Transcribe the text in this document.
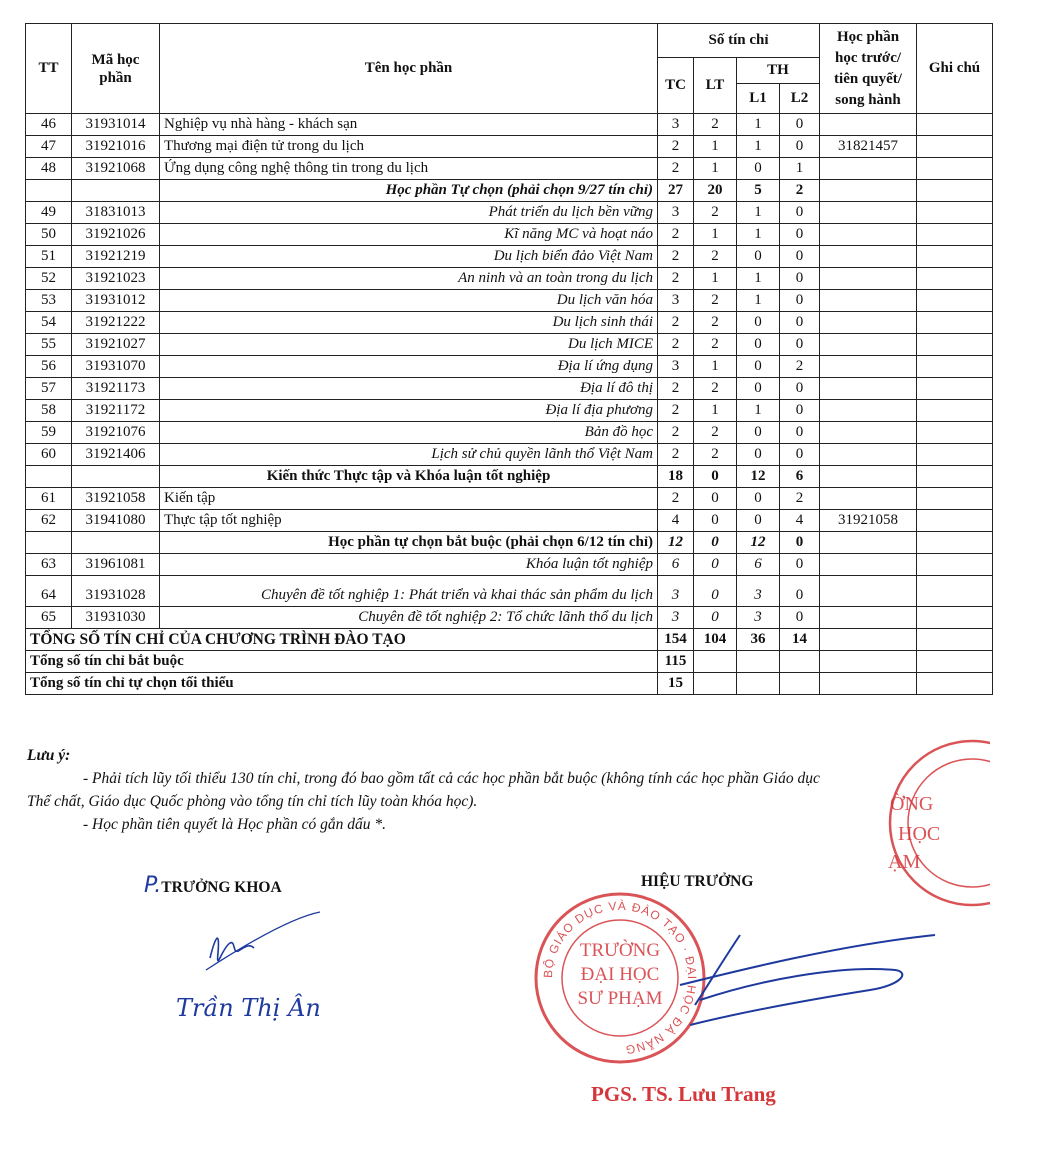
TT	Mã học phần	Tên học phần	Số tín chỉ				Học phần học trước/ tiên quyết/ song hành	Ghi chú
			TC	LT	TH			
					L1	L2		
46	31931014	Nghiệp vụ nhà hàng - khách sạn	3	2	1	0		
47	31921016	Thương mại điện tử trong du lịch	2	1	1	0	31821457	
48	31921068	Ứng dụng công nghệ thông tin trong du lịch	2	1	0	1		
		Học phần Tự chọn (phải chọn 9/27 tín chỉ)	27	20	5	2		
49	31831013	Phát triển du lịch bền vững	3	2	1	0		
50	31921026	Kĩ năng MC và hoạt náo	2	1	1	0		
51	31921219	Du lịch biển đảo Việt Nam	2	2	0	0		
52	31921023	An ninh và an toàn trong du lịch	2	1	1	0		
53	31931012	Du lịch văn hóa	3	2	1	0		
54	31921222	Du lịch sinh thái	2	2	0	0		
55	31921027	Du lịch MICE	2	2	0	0		
56	31931070	Địa lí ứng dụng	3	1	0	2		
57	31921173	Địa lí đô thị	2	2	0	0		
58	31921172	Địa lí địa phương	2	1	1	0		
59	31921076	Bản đồ học	2	2	0	0		
60	31921406	Lịch sử chủ quyền lãnh thổ Việt Nam	2	2	0	0		
		Kiến thức Thực tập và Khóa luận tốt nghiệp	18	0	12	6		
61	31921058	Kiến tập	2	0	0	2		
62	31941080	Thực tập tốt nghiệp	4	0	0	4	31921058	
		Học phần tự chọn bắt buộc (phải chọn 6/12 tín chỉ)	12	0	12	0		
63	31961081	Khóa luận tốt nghiệp	6	0	6	0		
64	31931028	Chuyên đề tốt nghiệp 1: Phát triển và khai thác sản phẩm du lịch	3	0	3	0		
65	31931030	Chuyên đề tốt nghiệp 2: Tổ chức lãnh thổ du lịch	3	0	3	0		
TỔNG SỐ TÍN CHỈ CỦA CHƯƠNG TRÌNH ĐÀO TẠO			154	104	36	14		
Tổng số tín chỉ bắt buộc			115					
Tổng số tín chỉ tự chọn tối thiểu			15					
Lưu ý:
- Phải tích lũy tối thiểu 130 tín chỉ, trong đó bao gồm tất cả các học phần bắt buộc (không tính các học phần Giáo dục
Thể chất, Giáo dục Quốc phòng vào tổng tín chỉ tích lũy toàn khóa học).
- Học phần tiên quyết là Học phần có gắn dấu *.
P.TRƯỞNG KHOA
Trần Thị Ân
HIỆU TRƯỞNG
ỜNG
HỌC
ẠM
BỘ GIÁO DỤC VÀ ĐÀO TẠO · ĐẠI HỌC ĐÀ NẴNG
TRƯỜNG
ĐẠI HỌC
SƯ PHẠM
PGS. TS. Lưu Trang
